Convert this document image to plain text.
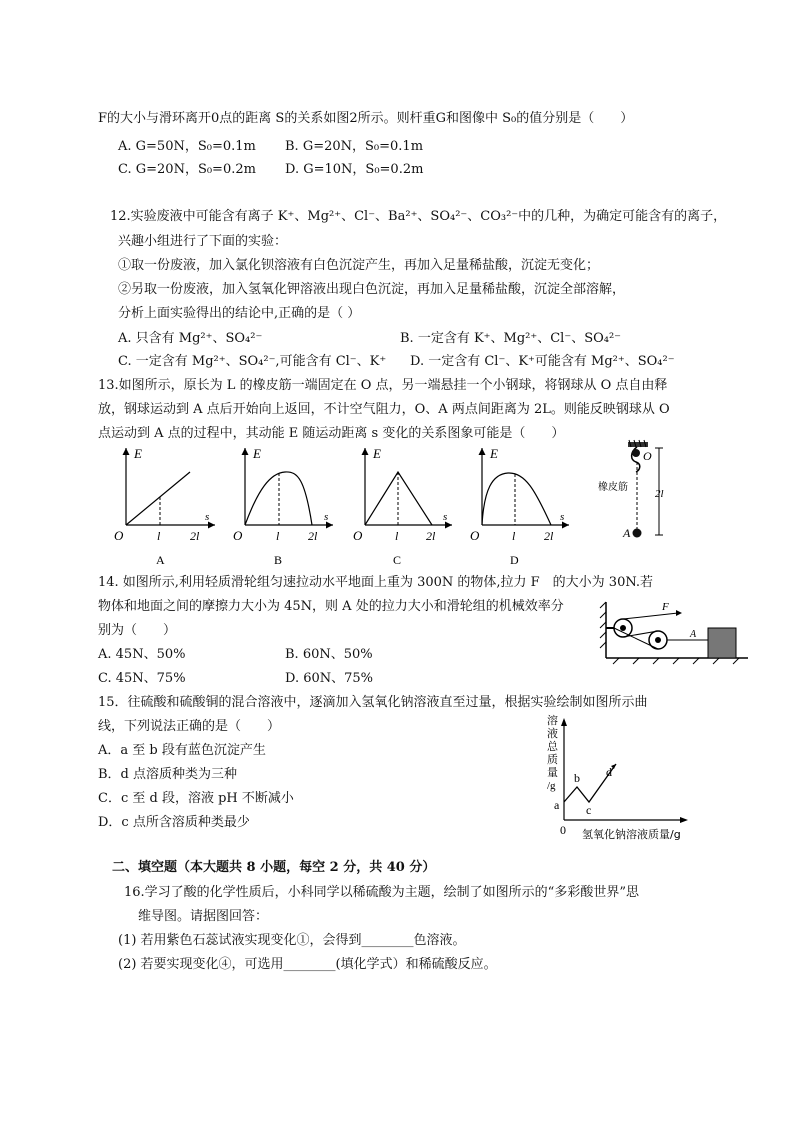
F的大小与滑环离开0点的距离 S的关系如图2所示。则杆重G和图像中 S₀的值分别是（　　）
A. G=50N，S₀=0.1m B. G=20N，S₀=0.1m
C. G=20N，S₀=0.2m D. G=10N，S₀=0.2m
12.实验废液中可能含有离子 K⁺、Mg²⁺、Cl⁻、Ba²⁺、SO₄²⁻、CO₃²⁻中的几种，为确定可能含有的离子，
兴趣小组进行了下面的实验：
①取一份废液，加入氯化钡溶液有白色沉淀产生，再加入足量稀盐酸，沉淀无变化；
②另取一份废液，加入氢氧化钾溶液出现白色沉淀，再加入足量稀盐酸，沉淀全部溶解，
分析上面实验得出的结论中,正确的是（ ）
A. 只含有 Mg²⁺、SO₄²⁻	B. 一定含有 K⁺、Mg²⁺、Cl⁻、SO₄²⁻
C. 一定含有 Mg²⁺、SO₄²⁻,可能含有 Cl⁻、K⁺ D. 一定含有 Cl⁻、K⁺可能含有 Mg²⁺、SO₄²⁻
13.如图所示，原长为 L 的橡皮筋一端固定在 O 点，另一端悬挂一个小钢球，将钢球从 O 点自由释
放，钢球运动到 A 点后开始向上返回，不计空气阻力，O、A 两点间距离为 2L。则能反映钢球从 O
点运动到 A 点的过程中，其动能 E 随运动距离 s 变化的关系图象可能是（　　）
E
s
O	l 2l
A
E
s
O	l 2l
B
E
s
O	l 2l
C
E
s
O	l 2l
D
O
橡皮筋
2l
A
14. 如图所示,利用轻质滑轮组匀速拉动水平地面上重为 300N 的物体,拉力 F　的大小为 30N.若
物体和地面之间的摩擦力大小为 45N，则 A 处的拉力大小和滑轮组的机械效率分
别为（　　）
A. 45N、50%	B. 60N、50%
C. 45N、75%	D. 60N、75%
F
A
15．往硫酸和硫酸铜的混合溶液中，逐滴加入氢氧化钠溶液直至过量，根据实验绘制如图所示曲
线，下列说法正确的是（　　）
A．a 至 b 段有蓝色沉淀产生
B．d 点溶质种类为三种
C．c 至 d 段，溶液 pH 不断减小
D．c 点所含溶质种类最少
溶
液
总
质
量
/g
a
b
c
d
0 氢氧化钠溶液质量/g
二、填空题（本大题共 8 小题，每空 2 分，共 40 分）
16.学习了酸的化学性质后，小科同学以稀硫酸为主题，绘制了如图所示的“多彩酸世界”思
维导图。请据图回答：
(1) 若用紫色石蕊试液实现变化①，会得到________色溶液。
(2) 若要实现变化④，可选用________(填化学式）和稀硫酸反应。
